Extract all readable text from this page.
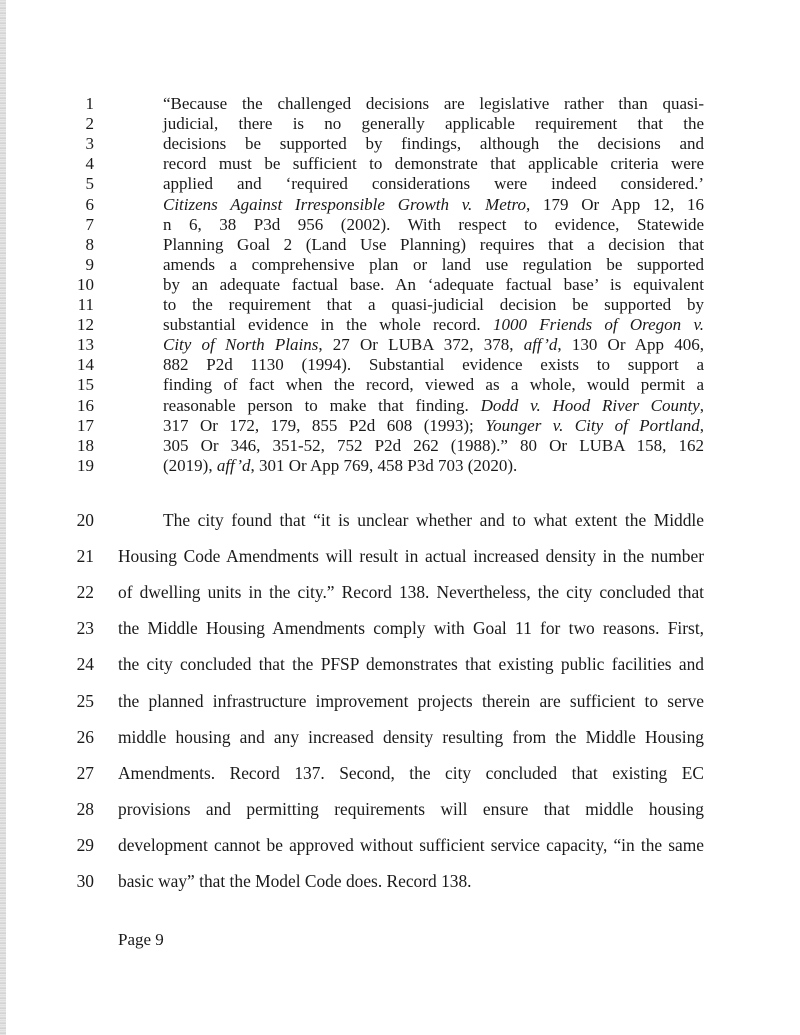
1	“Because the challenged decisions are legislative rather than quasi-
2	judicial, there is no generally applicable requirement that the
3	decisions be supported by findings, although the decisions and
4	record must be sufficient to demonstrate that applicable criteria were
5	applied and ‘required considerations were indeed considered.’
6	Citizens Against Irresponsible Growth v. Metro, 179 Or App 12, 16
7	n 6, 38 P3d 956 (2002). With respect to evidence, Statewide
8	Planning Goal 2 (Land Use Planning) requires that a decision that
9	amends a comprehensive plan or land use regulation be supported
10	by an adequate factual base. An ‘adequate factual base’ is equivalent
11	to the requirement that a quasi-judicial decision be supported by
12	substantial evidence in the whole record. 1000 Friends of Oregon v.
13	City of North Plains, 27 Or LUBA 372, 378, aff’d, 130 Or App 406,
14	882 P2d 1130 (1994). Substantial evidence exists to support a
15	finding of fact when the record, viewed as a whole, would permit a
16	reasonable person to make that finding. Dodd v. Hood River County,
17	317 Or 172, 179, 855 P2d 608 (1993); Younger v. City of Portland,
18	305 Or 346, 351-52, 752 P2d 262 (1988).” 80 Or LUBA 158, 162
19	(2019), aff’d, 301 Or App 769, 458 P3d 703 (2020).
20	The city found that “it is unclear whether and to what extent the Middle
21 Housing Code Amendments will result in actual increased density in the number
22 of dwelling units in the city.” Record 138. Nevertheless, the city concluded that
23 the Middle Housing Amendments comply with Goal 11 for two reasons. First,
24 the city concluded that the PFSP demonstrates that existing public facilities and
25 the planned infrastructure improvement projects therein are sufficient to serve
26 middle housing and any increased density resulting from the Middle Housing
27 Amendments. Record 137. Second, the city concluded that existing EC
28 provisions and permitting requirements will ensure that middle housing
29 development cannot be approved without sufficient service capacity, “in the same
30 basic way” that the Model Code does. Record 138.
Page 9
